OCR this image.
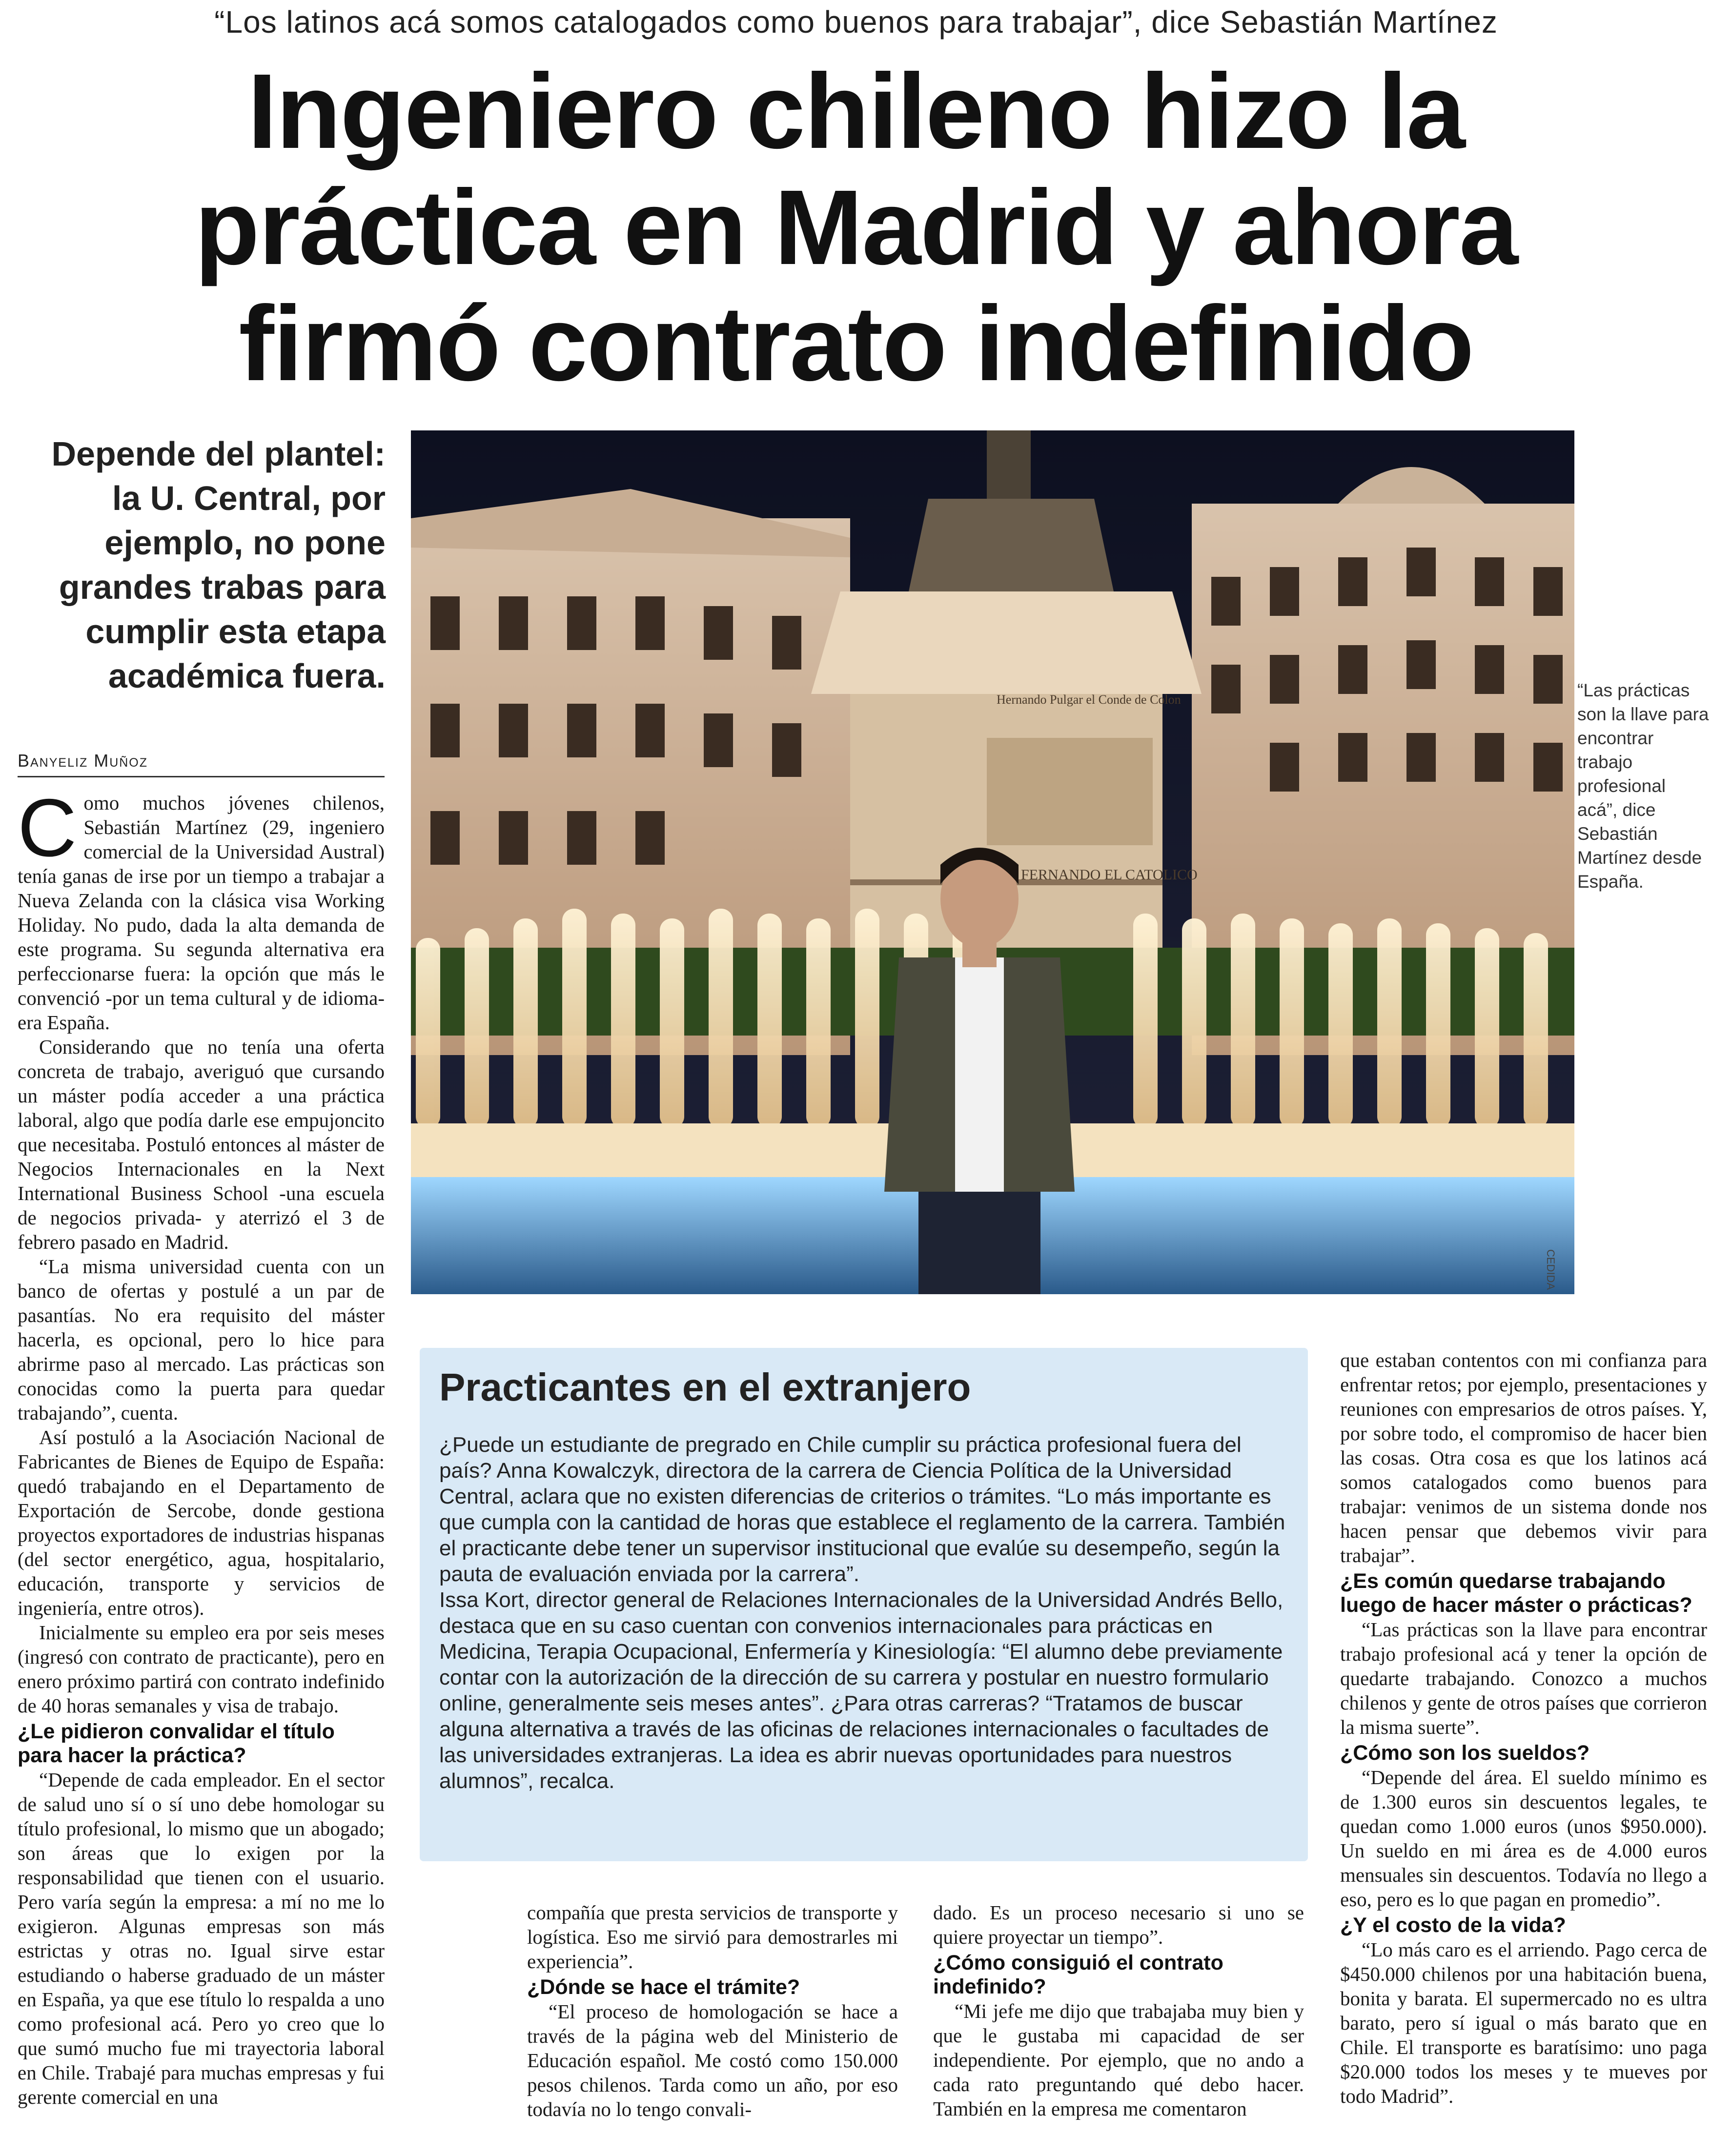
“Los latinos acá somos catalogados como buenos para trabajar”, dice Sebastián Martínez
Ingeniero chileno hizo la práctica en Madrid y ahora firmó contrato indefinido
Depende del plantel: la U. Central, por ejemplo, no pone grandes trabas para cumplir esta etapa académica fuera.
Banyeliz Muñoz

Como muchos jóvenes chilenos, Sebastián Martínez (29, ingeniero comercial de la Universidad Austral) tenía ganas de irse por un tiempo a trabajar a Nueva Zelanda con la clásica visa Working Holiday. No pudo, dada la alta demanda de este programa. Su segunda alternativa era perfeccionarse fuera: la opción que más le convenció -por un tema cultural y de idioma- era España.

Considerando que no tenía una oferta concreta de trabajo, averiguó que cursando un máster podía acceder a una práctica laboral, algo que podía darle ese empujoncito que necesitaba. Postuló entonces al máster de Negocios Internacionales en la Next International Business School -una escuela de negocios privada- y aterrizó el 3 de febrero pasado en Madrid.

“La misma universidad cuenta con un banco de ofertas y postulé a un par de pasantías. No era requisito del máster hacerla, es opcional, pero lo hice para abrirme paso al mercado. Las prácticas son conocidas como la puerta para quedar trabajando”, cuenta.

Así postuló a la Asociación Nacional de Fabricantes de Bienes de Equipo de España: quedó trabajando en el Departamento de Exportación de Sercobe, donde gestiona proyectos exportadores de industrias hispanas (del sector energético, agua, hospitalario, educación, transporte y servicios de ingeniería, entre otros).

Inicialmente su empleo era por seis meses (ingresó con contrato de practicante), pero en enero próximo partirá con contrato indefinido de 40 horas semanales y visa de trabajo.

¿Le pidieron convalidar el título para hacer la práctica?

“Depende de cada empleador. En el sector de salud uno sí o sí uno debe homologar su título profesional, lo mismo que un abogado; son áreas que lo exigen por la responsabilidad que tienen con el usuario. Pero varía según la empresa: a mí no me lo exigieron. Algunas empresas son más estrictas y otras no. Igual sirve estar estudiando o haberse graduado de un máster en España, ya que ese título lo respalda a uno como profesional acá. Pero yo creo que lo que sumó mucho fue mi trayectoria laboral en Chile. Trabajé para muchas empresas y fui gerente comercial en una

Hernando Pulgar el Conde de Colon
FERNANDO EL CATOLICO
“Las prácticas son la llave para encontrar trabajo profesional acá”, dice Sebastián Martínez desde España.
CEDIDA
Practicantes en el extranjero

¿Puede un estudiante de pregrado en Chile cumplir su práctica profesional fuera del país? Anna Kowalczyk, directora de la carrera de Ciencia Política de la Universidad Central, aclara que no existen diferencias de criterios o trámites. “Lo más importante es que cumpla con la cantidad de horas que establece el reglamento de la carrera. También el practicante debe tener un supervisor institucional que evalúe su desempeño, según la pauta de evaluación enviada por la carrera”.

Issa Kort, director general de Relaciones Internacionales de la Universidad Andrés Bello, destaca que en su caso cuentan con convenios internacionales para prácticas en Medicina, Terapia Ocupacional, Enfermería y Kinesiología: “El alumno debe previamente contar con la autorización de la dirección de su carrera y postular en nuestro formulario online, generalmente seis meses antes”. ¿Para otras carreras? “Tratamos de buscar alguna alternativa a través de las oficinas de relaciones internacionales o facultades de las universidades extranjeras. La idea es abrir nuevas oportunidades para nuestros alumnos”, recalca.

compañía que presta servicios de transporte y logística. Eso me sirvió para demostrarles mi experiencia”.

¿Dónde se hace el trámite?

“El proceso de homologación se hace a través de la página web del Ministerio de Educación español. Me costó como 150.000 pesos chilenos. Tarda como un año, por eso todavía no lo tengo convali-

dado. Es un proceso necesario si uno se quiere proyectar un tiempo”.

¿Cómo consiguió el contrato indefinido?

“Mi jefe me dijo que trabajaba muy bien y que le gustaba mi capacidad de ser independiente. Por ejemplo, que no ando a cada rato preguntando qué debo hacer. También en la empresa me comentaron

que estaban contentos con mi confianza para enfrentar retos; por ejemplo, presentaciones y reuniones con empresarios de otros países. Y, por sobre todo, el compromiso de hacer bien las cosas. Otra cosa es que los latinos acá somos catalogados como buenos para trabajar: venimos de un sistema donde nos hacen pensar que debemos vivir para trabajar”.

¿Es común quedarse trabajando luego de hacer máster o prácticas?

“Las prácticas son la llave para encontrar trabajo profesional acá y tener la opción de quedarte trabajando. Conozco a muchos chilenos y gente de otros países que corrieron la misma suerte”.

¿Cómo son los sueldos?

“Depende del área. El sueldo mínimo es de 1.300 euros sin descuentos legales, te quedan como 1.000 euros (unos $950.000). Un sueldo en mi área es de 4.000 euros mensuales sin descuentos. Todavía no llego a eso, pero es lo que pagan en promedio”.

¿Y el costo de la vida?

“Lo más caro es el arriendo. Pago cerca de $450.000 chilenos por una habitación buena, bonita y barata. El supermercado no es ultra barato, pero sí igual o más barato que en Chile. El transporte es baratísimo: uno paga $20.000 todos los meses y te mueves por todo Madrid”.
